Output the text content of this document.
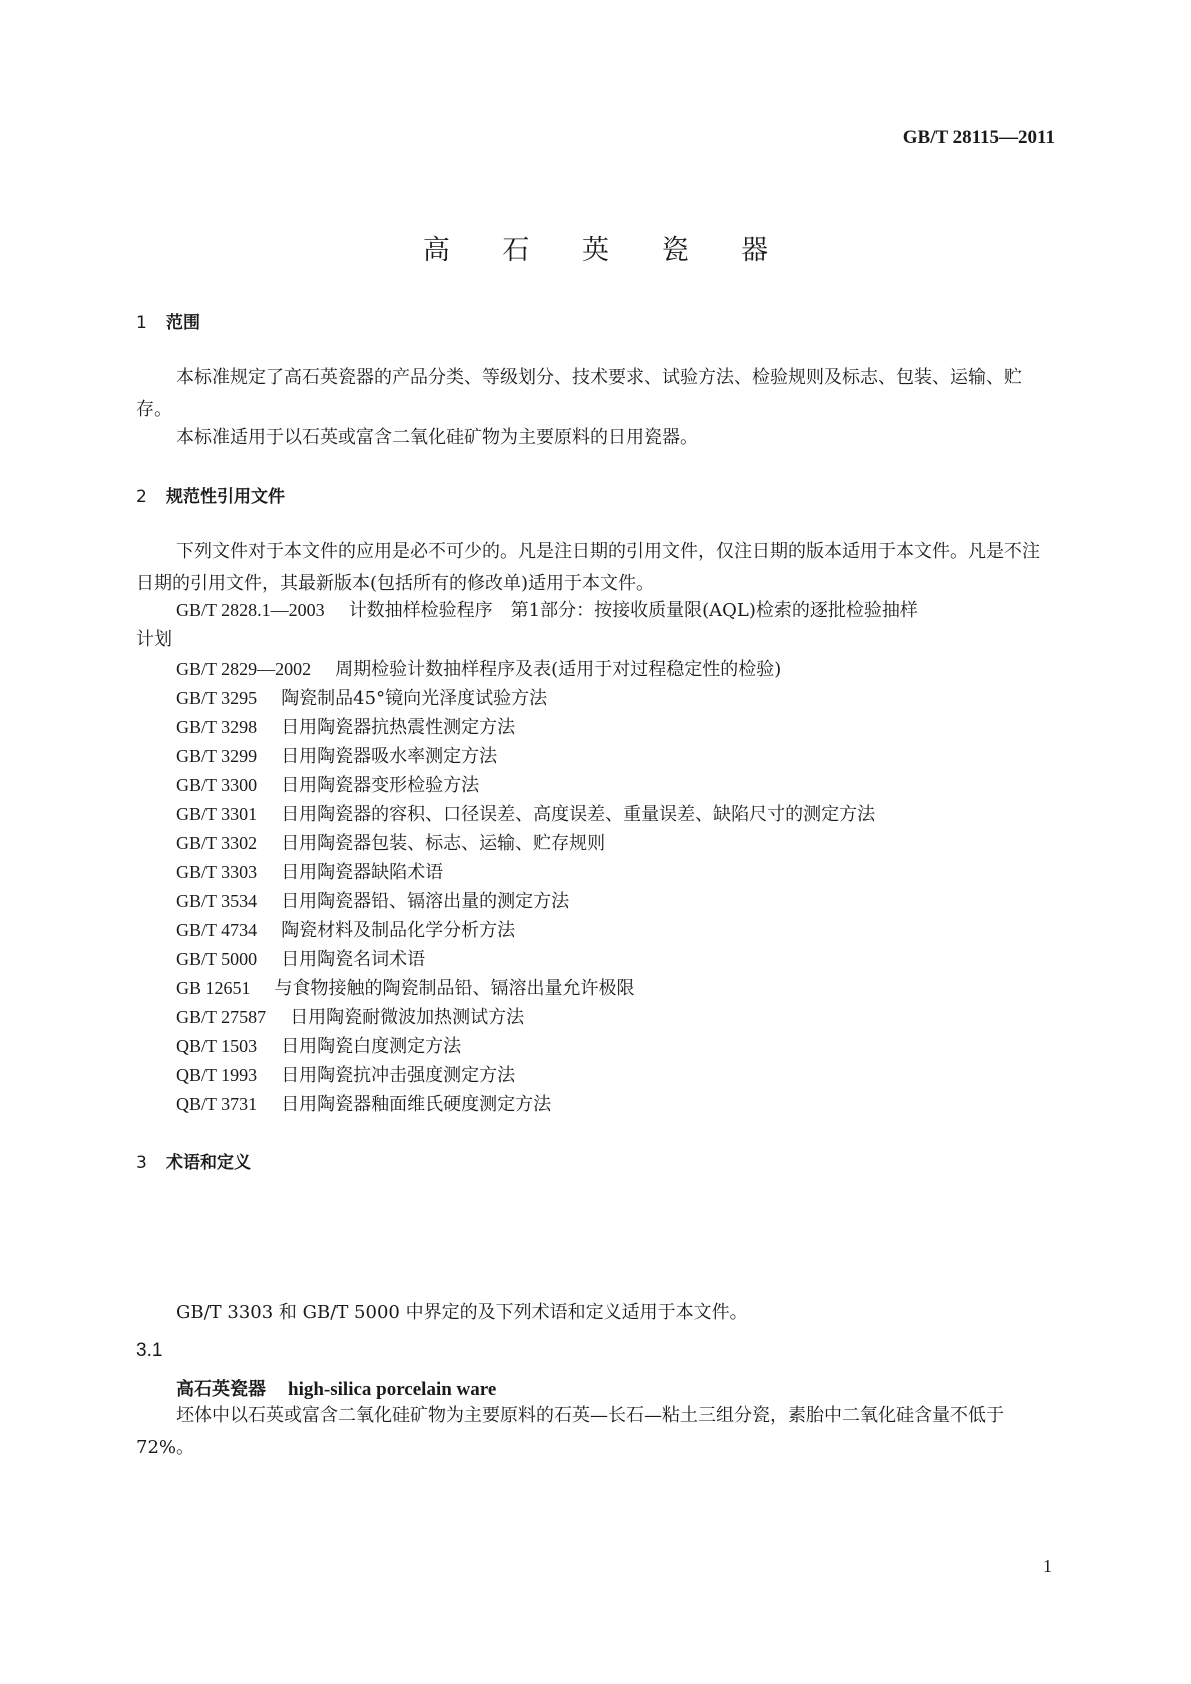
GB/T 28115—2011
高 石 英 瓷 器
1 范围

本标准规定了高石英瓷器的产品分类、等级划分、技术要求、试验方法、检验规则及标志、包装、运输、贮存。

本标准适用于以石英或富含二氧化硅矿物为主要原料的日用瓷器。

2 规范性引用文件

下列文件对于本文件的应用是必不可少的。凡是注日期的引用文件，仅注日期的版本适用于本文件。凡是不注日期的引用文件，其最新版本(包括所有的修改单)适用于本文件。

GB/T 2828.1—2003 计数抽样检验程序　第1部分：按接收质量限(AQL)检索的逐批检验抽样
计划
GB/T 2829—2002 周期检验计数抽样程序及表(适用于对过程稳定性的检验)
GB/T 3295 陶瓷制品45°镜向光泽度试验方法
GB/T 3298 日用陶瓷器抗热震性测定方法
GB/T 3299 日用陶瓷器吸水率测定方法
GB/T 3300 日用陶瓷器变形检验方法
GB/T 3301 日用陶瓷器的容积、口径误差、高度误差、重量误差、缺陷尺寸的测定方法
GB/T 3302 日用陶瓷器包装、标志、运输、贮存规则
GB/T 3303 日用陶瓷器缺陷术语
GB/T 3534 日用陶瓷器铅、镉溶出量的测定方法
GB/T 4734 陶瓷材料及制品化学分析方法
GB/T 5000 日用陶瓷名词术语
GB 12651 与食物接触的陶瓷制品铅、镉溶出量允许极限
GB/T 27587 日用陶瓷耐微波加热测试方法
QB/T 1503 日用陶瓷白度测定方法
QB/T 1993 日用陶瓷抗冲击强度测定方法
QB/T 3731 日用陶瓷器釉面维氏硬度测定方法
3 术语和定义
GB/T 3303 和 GB/T 5000 中界定的及下列术语和定义适用于本文件。
3.1
高石英瓷器 high-silica porcelain ware

坯体中以石英或富含二氧化硅矿物为主要原料的石英—长石—粘土三组分瓷，素胎中二氧化硅含量不低于72%。

1
